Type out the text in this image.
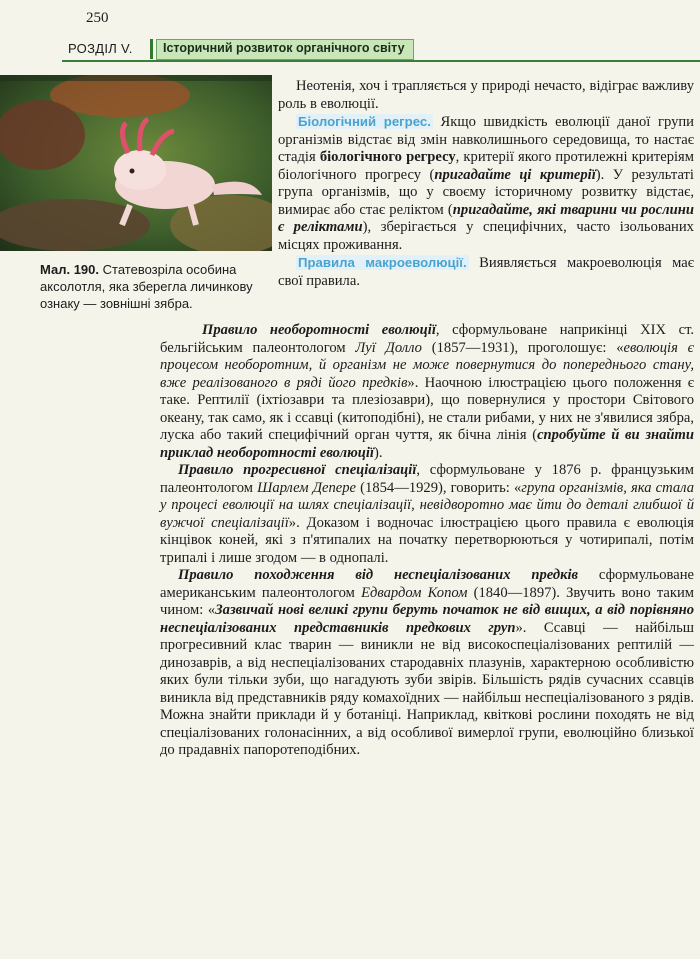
250
РОЗДІЛ V.	Історичний розвиток органічного світу
Мал. 190. Статевозріла особина аксолотля, яка зберегла личинкову ознаку — зовнішні зябра.

Неотенія, хоч і трапляється у природі нечасто, відіграє важливу роль в еволюції.

Біологічний регрес. Якщо швидкість еволюції даної групи організмів відстає від змін навколишнього середовища, то настає стадія біологічного регресу, критерії якого протилежні критеріям біологічного прогресу (пригадайте ці критерії). У результаті група організмів, що у своєму історичному розвитку відстає, вимирає або стає реліктом (пригадайте, які тварини чи рослини є реліктами), зберігається у специфічних, часто ізольованих місцях проживання.

Правила макроеволюції. Виявляється макроеволюція має свої правила.

Правило необоротності еволюції, сформульоване наприкінці XIX ст. бельгійським палеонтологом Луї Долло (1857—1931), проголошує: «еволюція є процесом необоротним, й організм не може повернутися до попереднього стану, вже реалізованого в ряді його предків». Наочною ілюстрацією цього положення є таке. Рептилії (іхтіозаври та плезіозаври), що повернулися у простори Світового океану, так само, як і ссавці (китоподібні), не стали рибами, у них не з'явилися зябра, луска або такий специфічний орган чуття, як бічна лінія (спробуйте й ви знайти приклад необоротності еволюції).

Правило прогресивної спеціалізації, сформульоване у 1876 р. французьким палеонтологом Шарлем Депере (1854—1929), говорить: «група організмів, яка стала у процесі еволюції на шлях спеціалізації, невідворотно має йти до деталі глибшої й вужчої спеціалізації». Доказом і водночас ілюстрацією цього правила є еволюція кінцівок коней, які з п'ятипалих на початку перетворюються у чотирипалі, потім трипалі і лише згодом — в однопалі.

Правило походження від неспеціалізованих предків сформульоване американським палеонтологом Едвардом Копом (1840—1897). Звучить воно таким чином: «Зазвичай нові великі групи беруть початок не від вищих, а від порівняно неспеціалізованих представників предкових груп». Ссавці — найбільш прогресивний клас тварин — виникли не від високоспеціалізованих рептилій — динозаврів, а від неспеціалізованих стародавніх плазунів, характерною особливістю яких були тільки зуби, що нагадують зуби звірів. Більшість рядів сучасних ссавців виникла від представників ряду комахоїдних — найбільш неспеціалізованого з рядів. Можна знайти приклади й у ботаніці. Наприклад, квіткові рослини походять не від спеціалізованих голонасінних, а від особливої вимерлої групи, еволюційно близької до прадавніх папоротеподібних.
